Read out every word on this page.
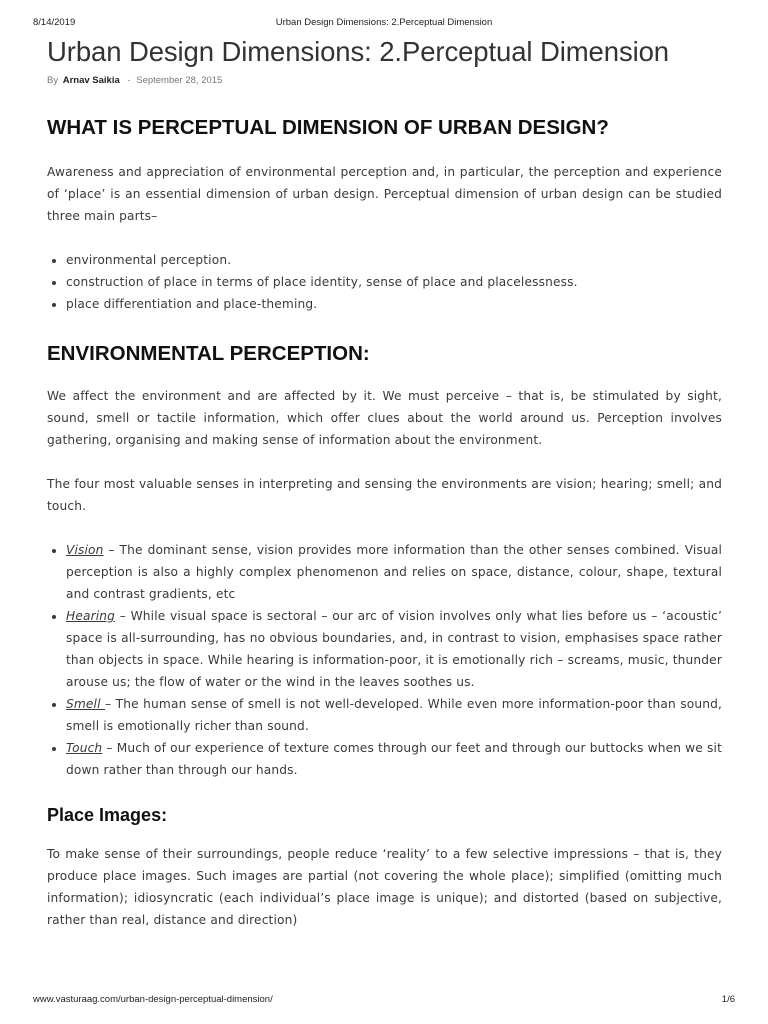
8/14/2019	Urban Design Dimensions: 2.Perceptual Dimension
Urban Design Dimensions: 2.Perceptual Dimension
By Arnav Saikia - September 28, 2015
WHAT IS PERCEPTUAL DIMENSION OF URBAN DESIGN?

Awareness and appreciation of environmental perception and, in particular, the perception and experience of ‘place’ is an essential dimension of urban design. Perceptual dimension of urban design can be studied three main parts–

• environmental perception.
• construction of place in terms of place identity, sense of place and placelessness.
• place differentiation and place-theming.
ENVIRONMENTAL PERCEPTION:

We affect the environment and are affected by it. We must perceive – that is, be stimulated by sight, sound, smell or tactile information, which offer clues about the world around us. Perception involves gathering, organising and making sense of information about the environment.

The four most valuable senses in interpreting and sensing the environments are vision; hearing; smell; and touch.

• Vision – The dominant sense, vision provides more information than the other senses combined. Visual perception is also a highly complex phenomenon and relies on space, distance, colour, shape, textural and contrast gradients, etc
• Hearing – While visual space is sectoral – our arc of vision involves only what lies before us – ‘acoustic’ space is all-surrounding, has no obvious boundaries, and, in contrast to vision, emphasises space rather than objects in space. While hearing is information-poor, it is emotionally rich – screams, music, thunder arouse us; the flow of water or the wind in the leaves soothes us.
• Smell – The human sense of smell is not well-developed. While even more information-poor than sound, smell is emotionally richer than sound.
• Touch – Much of our experience of texture comes through our feet and through our buttocks when we sit down rather than through our hands.
Place Images:

To make sense of their surroundings, people reduce ‘reality’ to a few selective impressions – that is, they produce place images. Such images are partial (not covering the whole place); simplified (omitting much information); idiosyncratic (each individual’s place image is unique); and distorted (based on subjective, rather than real, distance and direction)

www.vasturaag.com/urban-design-perceptual-dimension/	1/6
